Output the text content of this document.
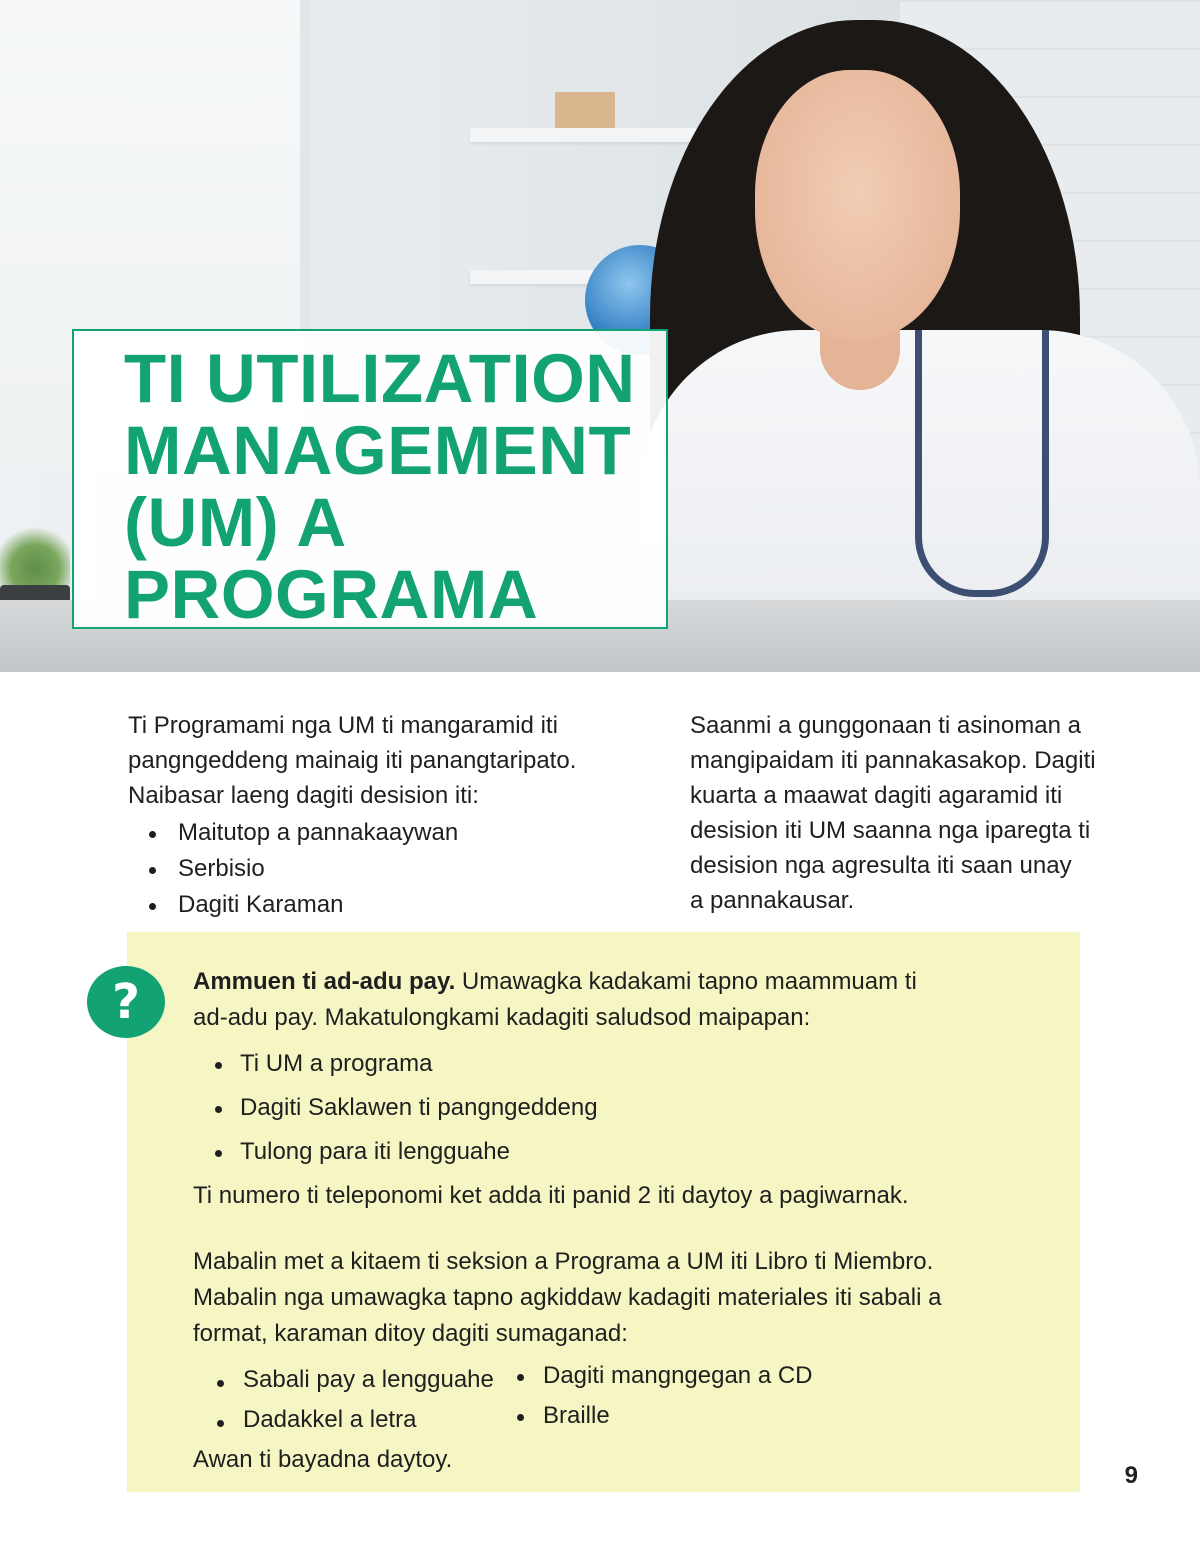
TI UTILIZATION
MANAGEMENT
(UM) A
PROGRAMA

Ti Programami nga UM ti mangaramid iti
pangngeddeng mainaig iti panangtaripato.
Naibasar laeng dagiti desision iti:

Maitutop a pannakaaywan
Serbisio
Dagiti Karaman

Saanmi a gunggonaan ti asinoman a
mangipaidam iti pannakasakop. Dagiti
kuarta a maawat dagiti agaramid iti
desision iti UM saanna nga iparegta ti
desision nga agresulta iti saan unay
a pannakausar.

?	Ammuen ti ad-adu pay. Umawagka kadakami tapno maammuam ti
ad-adu pay. Makatulongkami kadagiti saludsod maipapan:

Ti UM a programa
Dagiti Saklawen ti pangngeddeng
Tulong para iti lengguahe

Ti numero ti teleponomi ket adda iti panid 2 iti daytoy a pagiwarnak.

Mabalin met a kitaem ti seksion a Programa a UM iti Libro ti Miembro.
Mabalin nga umawagka tapno agkiddaw kadagiti materiales iti sabali a
format, karaman ditoy dagiti sumaganad:

Sabali pay a lengguahe
Dadakkel a letra
Dagiti mangngegan a CD
Braille

Awan ti bayadna daytoy.

9
